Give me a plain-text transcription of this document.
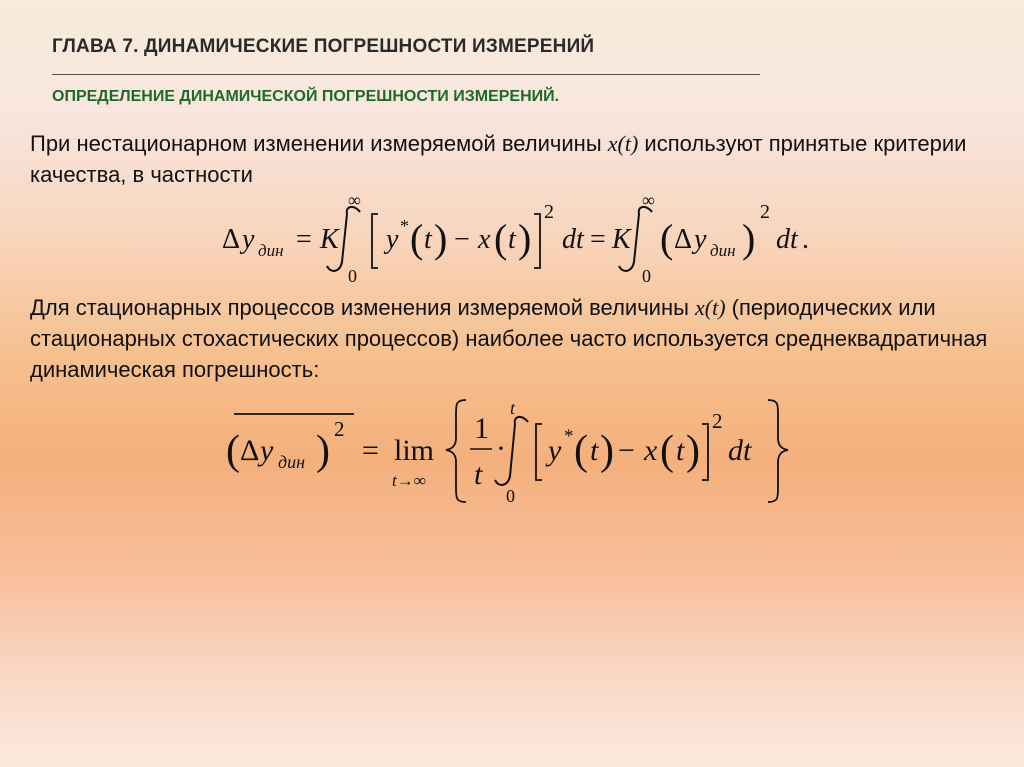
ГЛАВА 7. ДИНАМИЧЕСКИЕ ПОГРЕШНОСТИ ИЗМЕРЕНИЙ
ОПРЕДЕЛЕНИЕ ДИНАМИЧЕСКОЙ ПОГРЕШНОСТИ ИЗМЕРЕНИЙ.

При нестационарном изменении измеряемой величины x(t) используют принятые критерии качества, в частности

Δ y дин = K
∞
0
y * ( t ) − x ( t )
2
dt = K
∞
0
( Δ y дин )
2
dt .

Для стационарных процессов изменения измеряемой величины x(t) (периодических или стационарных стохастических процессов) наиболее часто используется среднеквадратичная динамическая погрешность:

( Δ y дин ) 2
= lim
t→∞
1
t
·
t
0
y * ( t ) − x ( t )
2
dt
